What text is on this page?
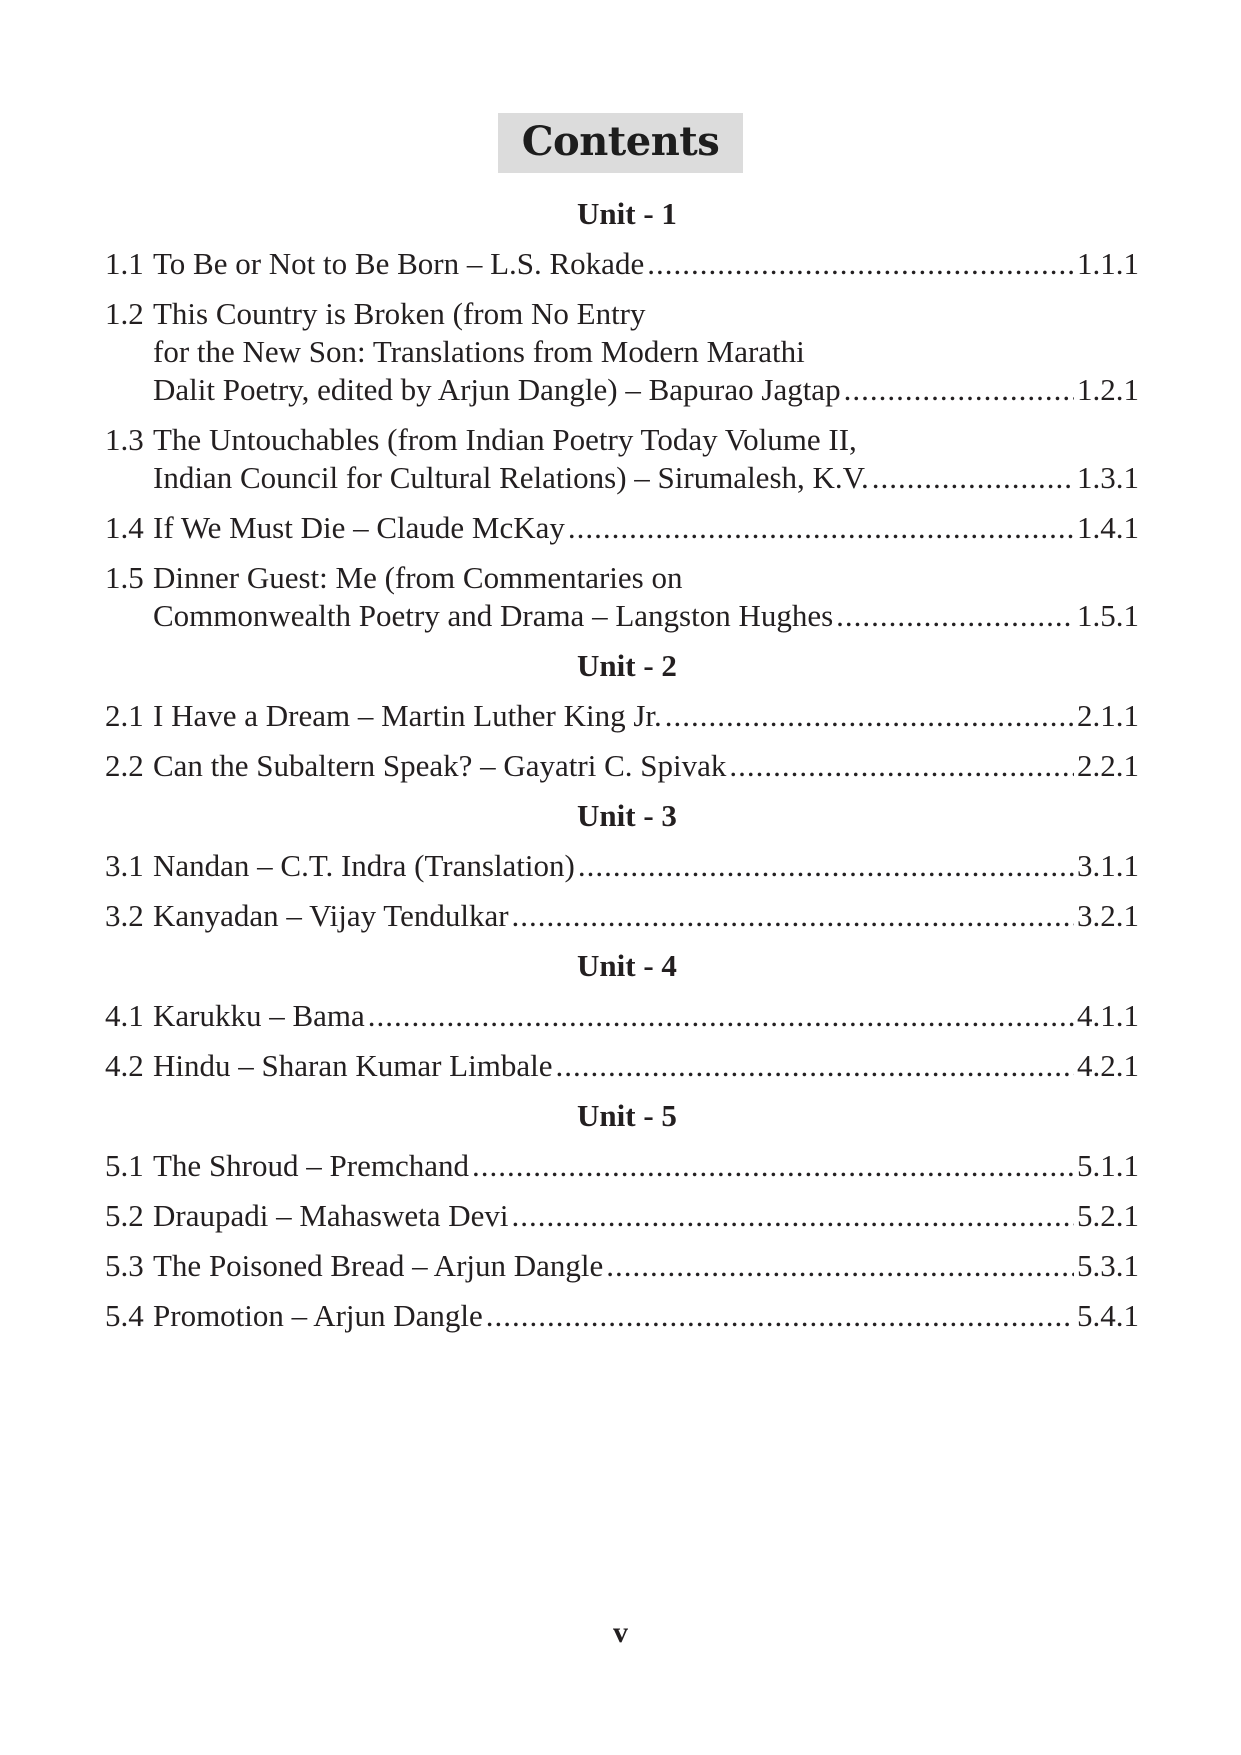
Contents
Unit - 1
1.1 To Be or Not to Be Born – L.S. Rokade .....	1.1.1
1.2 This Country is Broken (from No Entry
for the New Son: Translations from Modern Marathi
Dalit Poetry, edited by Arjun Dangle) – Bapurao Jagtap .....	1.2.1
1.3 The Untouchables (from Indian Poetry Today Volume II,
Indian Council for Cultural Relations) – Sirumalesh, K.V. .....	1.3.1
1.4 If We Must Die – Claude McKay .....	1.4.1
1.5 Dinner Guest: Me (from Commentaries on
Commonwealth Poetry and Drama – Langston Hughes .....	1.5.1
Unit - 2
2.1 I Have a Dream – Martin Luther King Jr. .....	2.1.1
2.2 Can the Subaltern Speak? – Gayatri C. Spivak .....	2.2.1
Unit - 3
3.1 Nandan – C.T. Indra (Translation) .....	3.1.1
3.2 Kanyadan – Vijay Tendulkar .....	3.2.1
Unit - 4
4.1 Karukku – Bama .....	4.1.1
4.2 Hindu – Sharan Kumar Limbale .....	4.2.1
Unit - 5
5.1 The Shroud – Premchand .....	5.1.1
5.2 Draupadi – Mahasweta Devi .....	5.2.1
5.3 The Poisoned Bread – Arjun Dangle .....	5.3.1
5.4 Promotion – Arjun Dangle .....	5.4.1
v
